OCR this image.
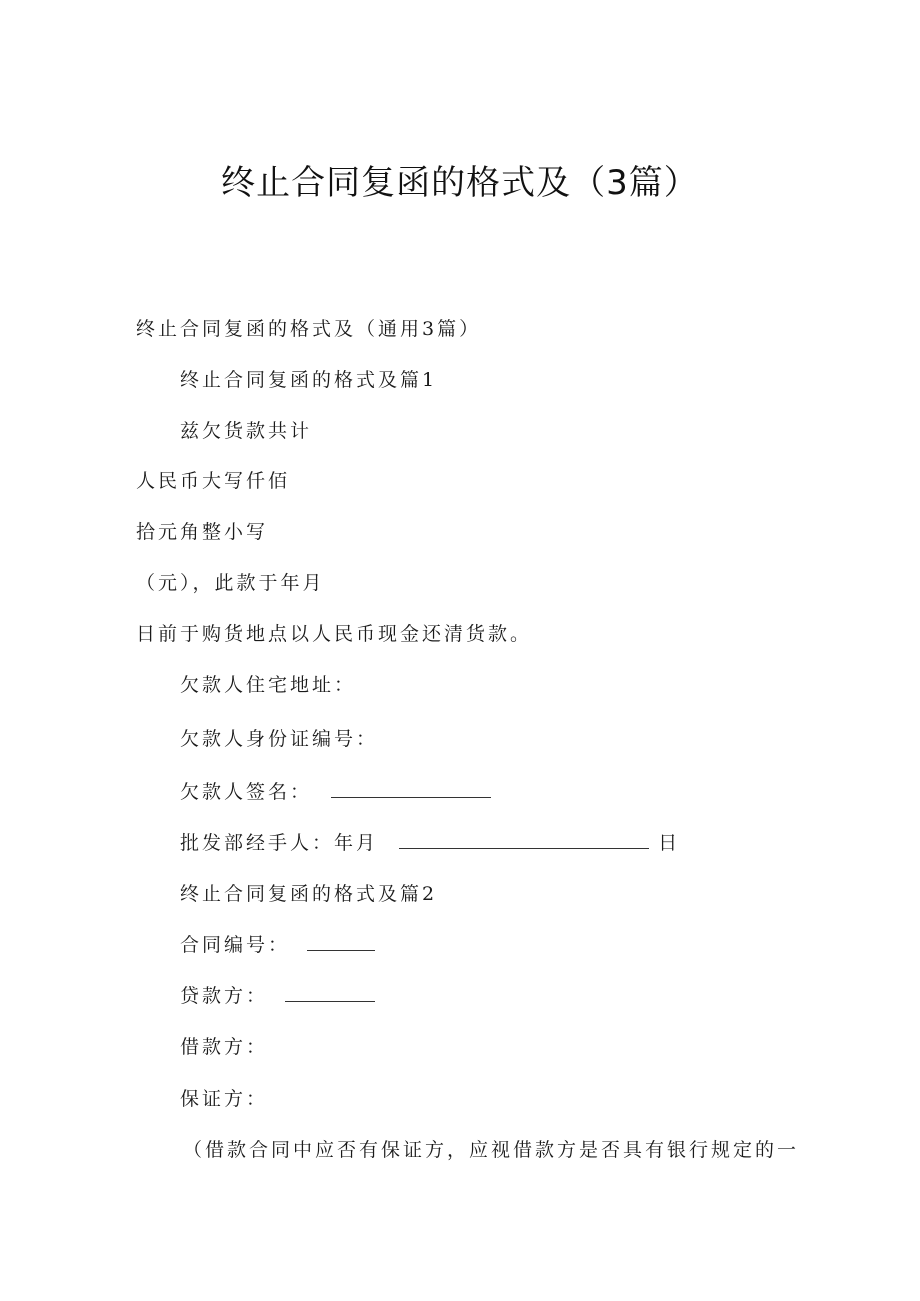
终止合同复函的格式及（3篇）
终止合同复函的格式及（通用3篇）
终止合同复函的格式及篇1
兹欠货款共计
人民币大写仟佰
拾元角整小写
（元），此款于年月
日前于购货地点以人民币现金还清货款。
欠款人住宅地址：
欠款人身份证编号：
欠款人签名：
批发部经手人：年月	日
终止合同复函的格式及篇2
合同编号：
贷款方：
借款方：
保证方：
（借款合同中应否有保证方，应视借款方是否具有银行规定的一
